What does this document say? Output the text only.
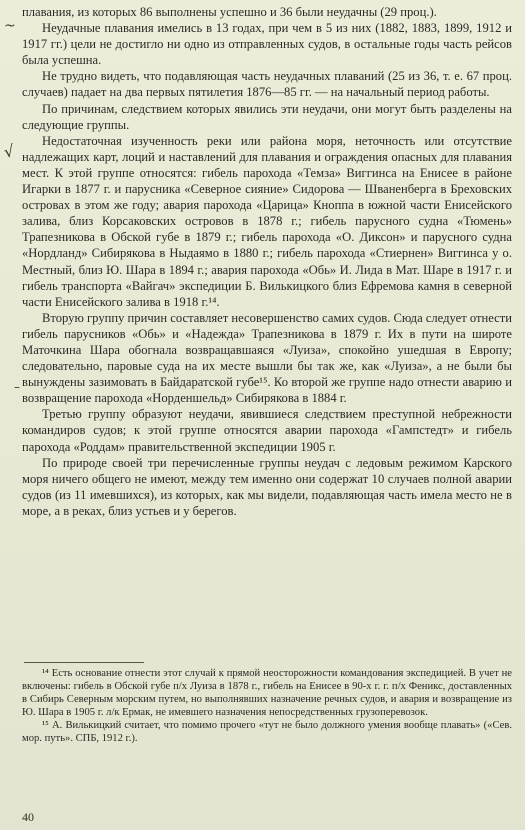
~
√
–

плавания, из которых 86 выполнены успешно и 36 были неудачны (29 проц.).

Неудачные плавания имелись в 13 годах, при чем в 5 из них (1882, 1883, 1899, 1912 и 1917 гг.) цели не достигло ни одно из отправленных судов, в остальные годы часть рейсов была успешна.

Не трудно видеть, что подавляющая часть неудачных плаваний (25 из 36, т. е. 67 проц. случаев) падает на два первых пятилетия 1876—85 гг. — на начальный период работы.

По причинам, следствием которых явились эти неудачи, они могут быть разделены на следующие группы.

Недостаточная изученность реки или района моря, неточность или отсутствие надлежащих карт, лоций и наставлений для плавания и ограждения опасных для плавания мест. К этой группе относятся: гибель парохода «Темза» Виггинса на Енисее в районе Игарки в 1877 г. и парусника «Северное сияние» Сидорова — Шваненберга в Бреховских островах в этом же году; авария парохода «Царица» Кноппа в южной части Енисейского залива, близ Корсаковских островов в 1878 г.; гибель парусного судна «Тюмень» Трапезникова в Обской губе в 1879 г.; гибель парохода «О. Диксон» и парусного судна «Нордланд» Сибирякова в Ныдаямо в 1880 г.; гибель парохода «Стиернен» Виггинса у о. Местный, близ Ю. Шара в 1894 г.; авария парохода «Обь» И. Лида в Мат. Шаре в 1917 г. и гибель транспорта «Вайгач» экспедиции Б. Вилькицкого близ Ефремова камня в северной части Енисейского залива в 1918 г.¹⁴.

Вторую группу причин составляет несовершенство самих судов. Сюда следует отнести гибель парусников «Обь» и «Надежда» Трапезникова в 1879 г. Их в пути на широте Маточкина Шара обогнала возвращавшаяся «Луиза», спокойно ушедшая в Европу; следовательно, паровые суда на их месте вышли бы так же, как «Луиза», а не были бы вынуждены зазимовать в Байдаратской губе¹⁵. Ко второй же группе надо отнести аварию и возвращение парохода «Норденшельд» Сибирякова в 1884 г.

Третью группу образуют неудачи, явившиеся следствием преступной небрежности командиров судов; к этой группе относятся аварии парохода «Гампстедт» и гибель парохода «Роддам» правительственной экспедиции 1905 г.

По природе своей три перечисленные группы неудач с ледовым режимом Карского моря ничего общего не имеют, между тем именно они содержат 10 случаев полной аварии судов (из 11 имевшихся), из которых, как мы видели, подавляющая часть имела место не в море, а в реках, близ устьев и у берегов.

¹⁴ Есть основание отнести этот случай к прямой неосторожности командования экспедицией. В учет не включены: гибель в Обской губе п/х Луиза в 1878 г., гибель на Енисее в 90-х г. г. п/х Феникс, доставленных в Сибирь Северным морским путем, но выполнявших назначение речных судов, и авария и возвращение из Ю. Шара в 1905 г. л/к Ермак, не имевшего назначения непосредственных грузоперевозок.

¹⁵ А. Вилькицкий считает, что помимо прочего «тут не было должного умения вообще плавать» («Сев. мор. путь». СПБ, 1912 г.).

40
